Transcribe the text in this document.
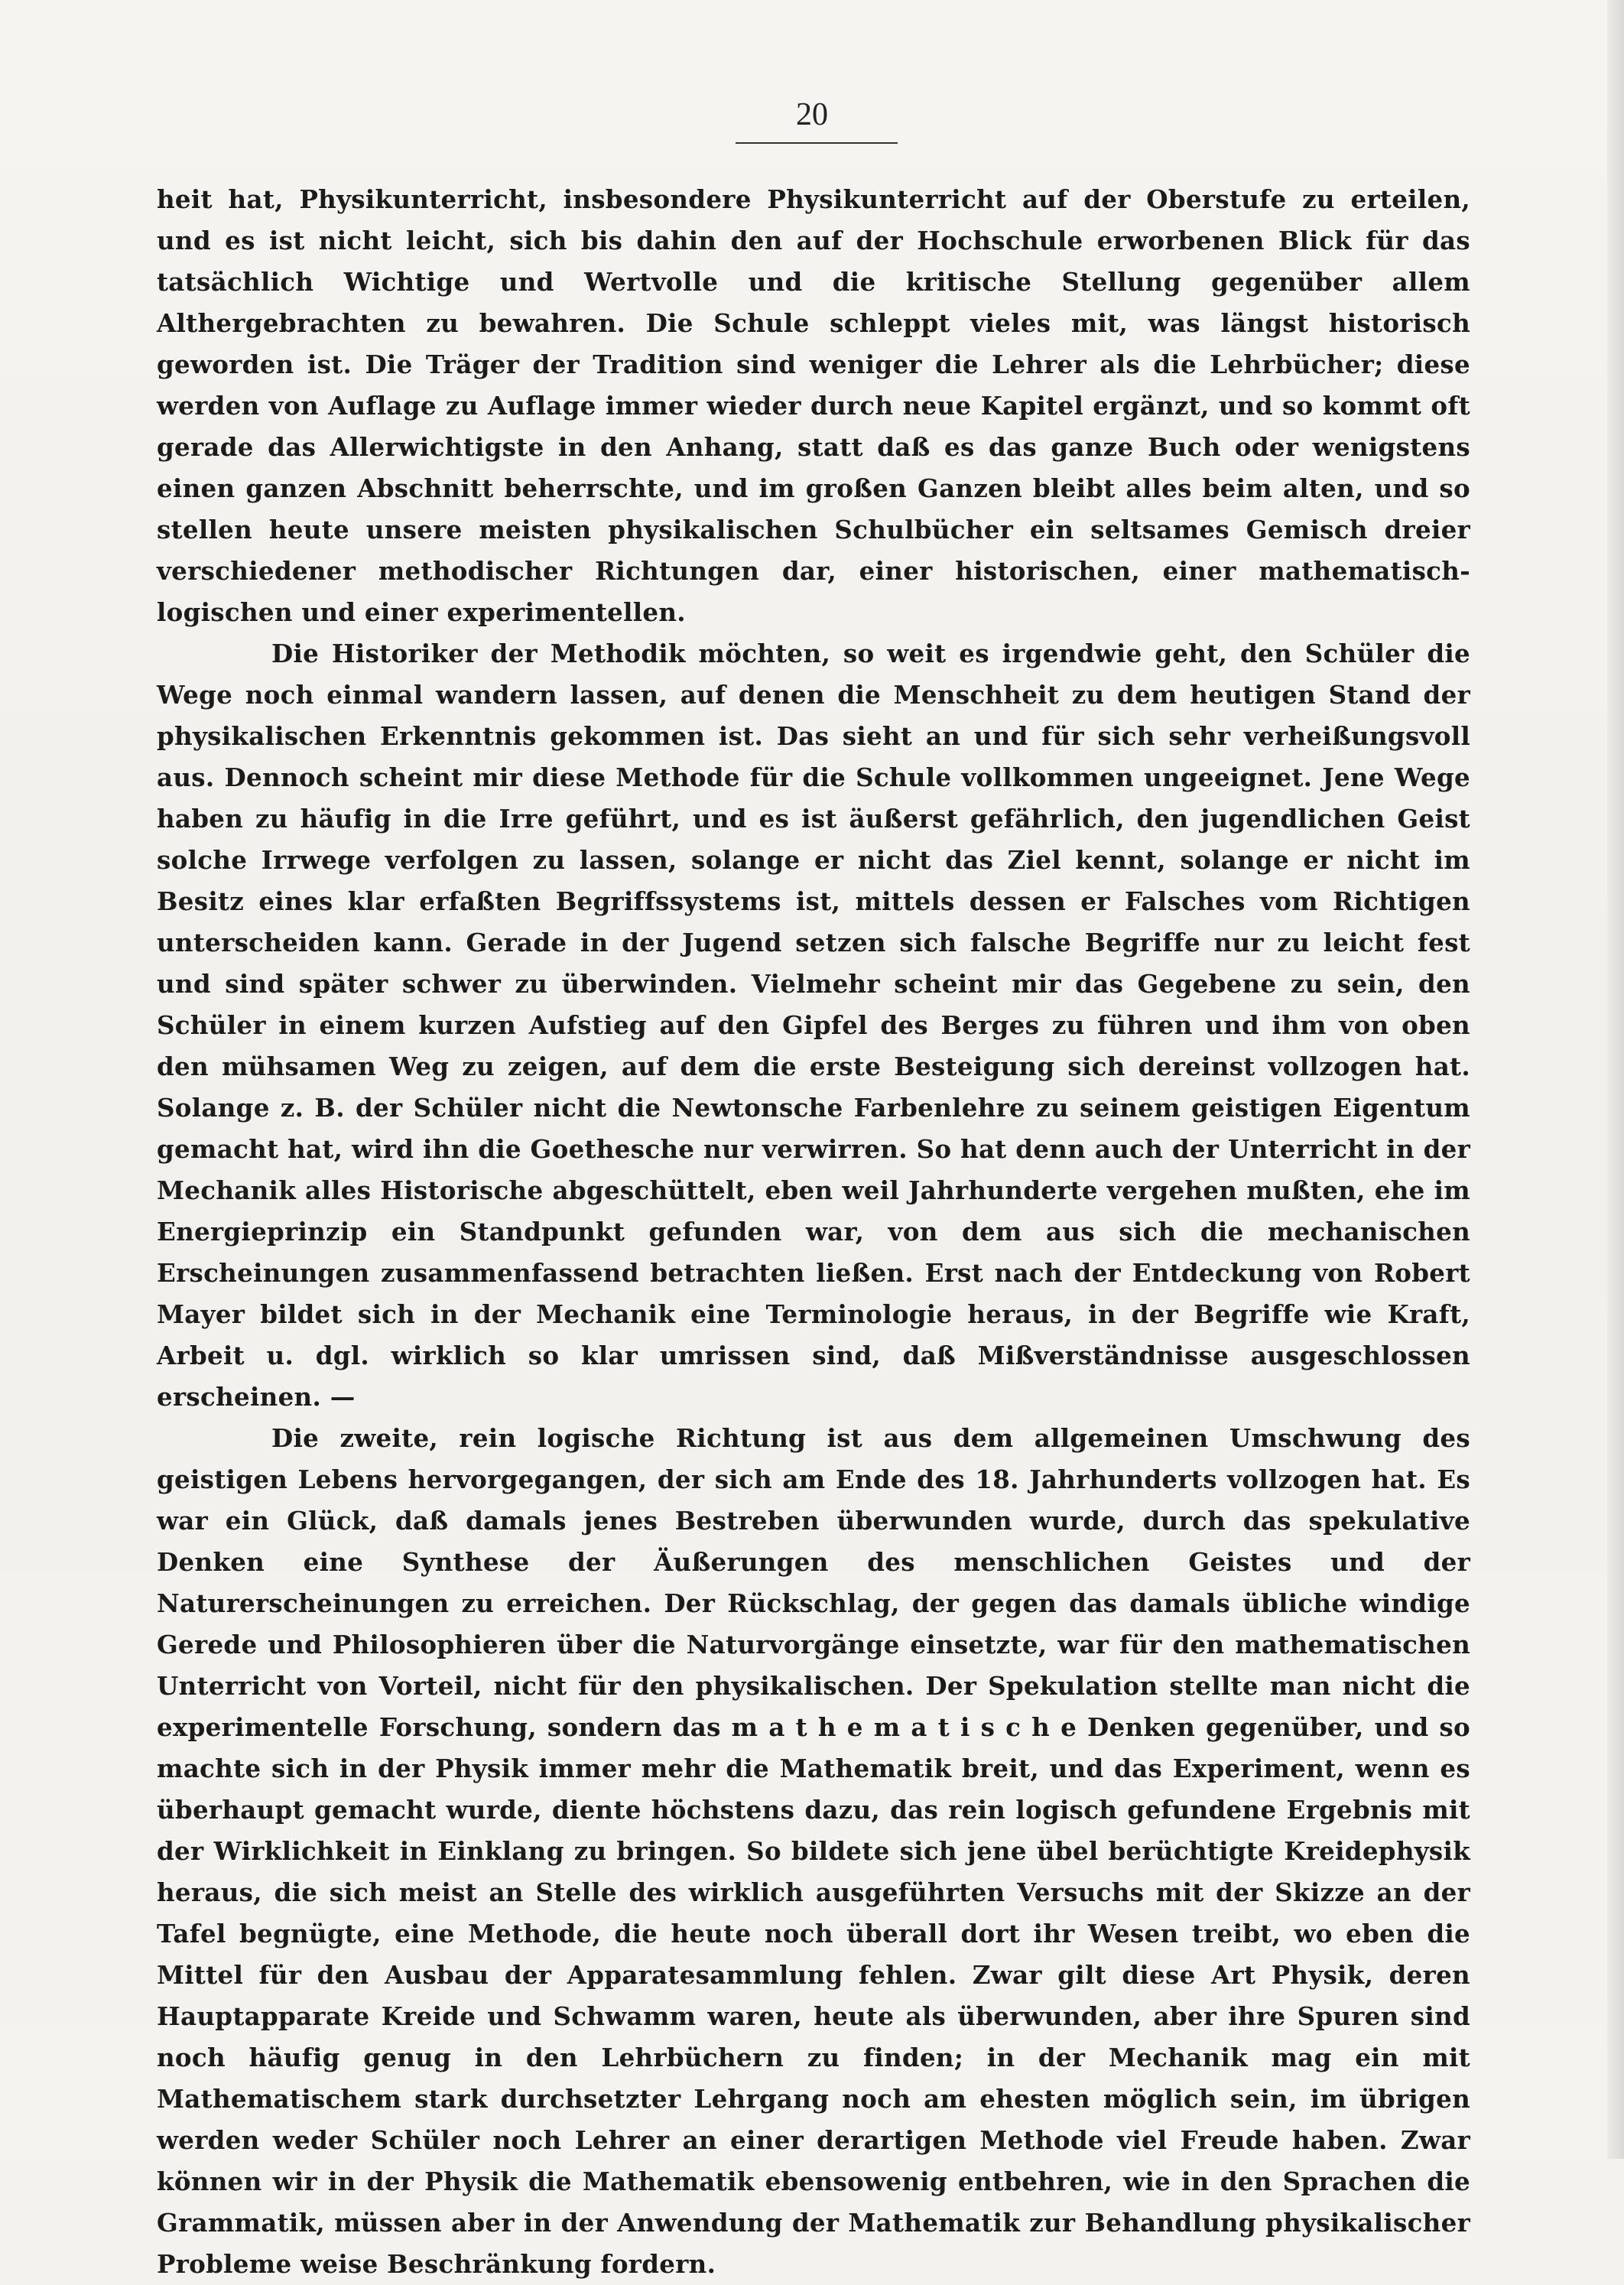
20

heit hat, Physikunterricht, insbesondere Physikunterricht auf der Oberstufe zu erteilen, und es ist nicht leicht, sich bis dahin den auf der Hochschule erworbenen Blick für das tatsächlich Wichtige und Wertvolle und die kritische Stellung gegenüber allem Althergebrachten zu bewahren. Die Schule schleppt vieles mit, was längst historisch geworden ist. Die Träger der Tradition sind weniger die Lehrer als die Lehrbücher; diese werden von Auflage zu Auflage immer wieder durch neue Kapitel ergänzt, und so kommt oft gerade das Allerwichtigste in den Anhang, statt daß es das ganze Buch oder wenigstens einen ganzen Abschnitt beherrschte, und im großen Ganzen bleibt alles beim alten, und so stellen heute unsere meisten physikalischen Schulbücher ein seltsames Gemisch dreier verschiedener methodischer Richtungen dar, einer historischen, einer mathematisch-logischen und einer experimentellen.

Die Historiker der Methodik möchten, so weit es irgendwie geht, den Schüler die Wege noch einmal wandern lassen, auf denen die Menschheit zu dem heutigen Stand der physikalischen Erkenntnis gekommen ist. Das sieht an und für sich sehr verheißungsvoll aus. Dennoch scheint mir diese Methode für die Schule vollkommen ungeeignet. Jene Wege haben zu häufig in die Irre geführt, und es ist äußerst gefährlich, den jugendlichen Geist solche Irrwege verfolgen zu lassen, solange er nicht das Ziel kennt, solange er nicht im Besitz eines klar erfaßten Begriffssystems ist, mittels dessen er Falsches vom Richtigen unterscheiden kann. Gerade in der Jugend setzen sich falsche Begriffe nur zu leicht fest und sind später schwer zu überwinden. Vielmehr scheint mir das Gegebene zu sein, den Schüler in einem kurzen Aufstieg auf den Gipfel des Berges zu führen und ihm von oben den mühsamen Weg zu zeigen, auf dem die erste Besteigung sich dereinst vollzogen hat. Solange z. B. der Schüler nicht die Newtonsche Farbenlehre zu seinem geistigen Eigentum gemacht hat, wird ihn die Goethesche nur verwirren. So hat denn auch der Unterricht in der Mechanik alles Historische abgeschüttelt, eben weil Jahrhunderte vergehen mußten, ehe im Energieprinzip ein Standpunkt gefunden war, von dem aus sich die mechanischen Erscheinungen zusammenfassend betrachten ließen. Erst nach der Entdeckung von Robert Mayer bildet sich in der Mechanik eine Terminologie heraus, in der Begriffe wie Kraft, Arbeit u. dgl. wirklich so klar umrissen sind, daß Mißverständnisse ausgeschlossen erscheinen. —

Die zweite, rein logische Richtung ist aus dem allgemeinen Umschwung des geistigen Lebens hervorgegangen, der sich am Ende des 18. Jahrhunderts vollzogen hat. Es war ein Glück, daß damals jenes Bestreben überwunden wurde, durch das spekulative Denken eine Synthese der Äußerungen des menschlichen Geistes und der Naturerscheinungen zu erreichen. Der Rückschlag, der gegen das damals übliche windige Gerede und Philosophieren über die Naturvorgänge einsetzte, war für den mathematischen Unterricht von Vorteil, nicht für den physikalischen. Der Spekulation stellte man nicht die experimentelle Forschung, sondern das m a t h e m a t i s c h e Denken gegenüber, und so machte sich in der Physik immer mehr die Mathematik breit, und das Experiment, wenn es überhaupt gemacht wurde, diente höchstens dazu, das rein logisch gefundene Ergebnis mit der Wirklichkeit in Einklang zu bringen. So bildete sich jene übel berüchtigte Kreidephysik heraus, die sich meist an Stelle des wirklich ausgeführten Versuchs mit der Skizze an der Tafel begnügte, eine Methode, die heute noch überall dort ihr Wesen treibt, wo eben die Mittel für den Ausbau der Apparatesammlung fehlen. Zwar gilt diese Art Physik, deren Hauptapparate Kreide und Schwamm waren, heute als überwunden, aber ihre Spuren sind noch häufig genug in den Lehrbüchern zu finden; in der Mechanik mag ein mit Mathematischem stark durchsetzter Lehrgang noch am ehesten möglich sein, im übrigen werden weder Schüler noch Lehrer an einer derartigen Methode viel Freude haben. Zwar können wir in der Physik die Mathematik ebensowenig entbehren, wie in den Sprachen die Grammatik, müssen aber in der Anwendung der Mathematik zur Behandlung physikalischer Probleme weise Beschränkung fordern.
